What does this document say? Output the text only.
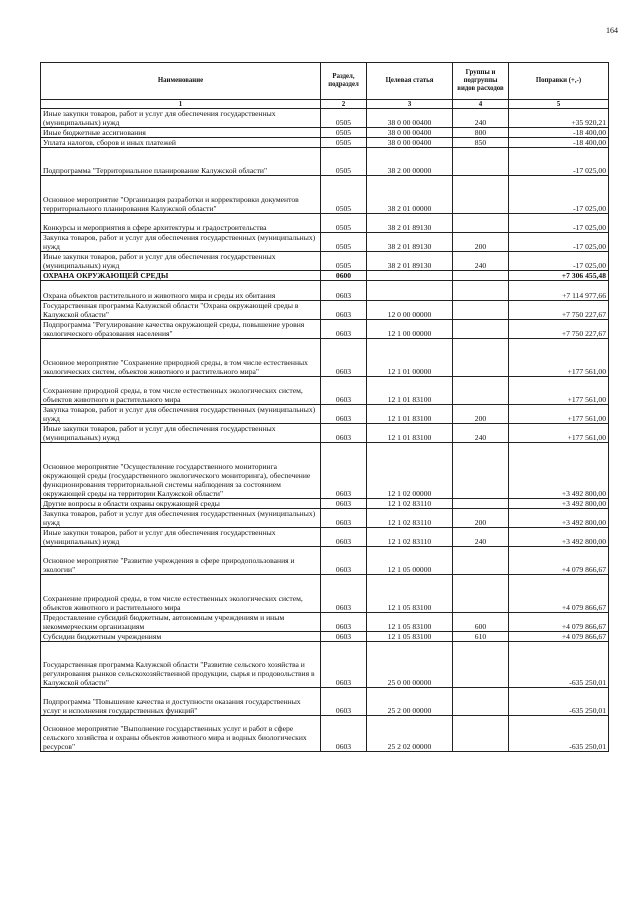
164
Наименование	Раздел, подраздел	Целевая статья	Группы и подгруппы видов расходов	Поправки (+,-)
1	2	3	4	5
Иные закупки товаров, работ и услуг для обеспечения государственных (муниципальных) нужд	0505	38 0 00 00400	240	+35 920,21
Иные бюджетные ассигнования	0505	38 0 00 00400	800	-18 400,00
Уплата налогов, сборов и иных платежей	0505	38 0 00 00400	850	-18 400,00
Подпрограмма "Территориальное планирование Калужской области"	0505	38 2 00 00000		-17 025,00
Основное мероприятие "Организация разработки и корректировки документов территориального планирования Калужской области"	0505	38 2 01 00000		-17 025,00
Конкурсы и мероприятия в сфере архитектуры и градостроительства	0505	38 2 01 89130		-17 025,00
Закупка товаров, работ и услуг для обеспечения государственных (муниципальных) нужд	0505	38 2 01 89130	200	-17 025,00
Иные закупки товаров, работ и услуг для обеспечения государственных (муниципальных) нужд	0505	38 2 01 89130	240	-17 025,00
ОХРАНА ОКРУЖАЮЩЕЙ СРЕДЫ	0600			+7 306 455,48
Охрана объектов растительного и животного мира и среды их обитания	0603			+7 114 977,66
Государственная программа Калужской области "Охрана окружающей среды в Калужской области"	0603	12 0 00 00000		+7 750 227,67
Подпрограмма "Регулирование качества окружающей среды, повышение уровня экологического образования населения"	0603	12 1 00 00000		+7 750 227,67
Основное мероприятие "Сохранение природной среды, в том числе естественных экологических систем, объектов животного и растительного мира"	0603	12 1 01 00000		+177 561,00
Сохранение природной среды, в том числе естественных экологических систем, объектов животного и растительного мира	0603	12 1 01 83100		+177 561,00
Закупка товаров, работ и услуг для обеспечения государственных (муниципальных) нужд	0603	12 1 01 83100	200	+177 561,00
Иные закупки товаров, работ и услуг для обеспечения государственных (муниципальных) нужд	0603	12 1 01 83100	240	+177 561,00
Основное мероприятие "Осуществление государственного мониторинга окружающей среды (государственного экологического мониторинга), обеспечение функционирования территориальной системы наблюдения за состоянием окружающей среды на территории Калужской области"	0603	12 1 02 00000		+3 492 800,00
Другие вопросы в области охраны окружающей среды	0603	12 1 02 83110		+3 492 800,00
Закупка товаров, работ и услуг для обеспечения государственных (муниципальных) нужд	0603	12 1 02 83110	200	+3 492 800,00
Иные закупки товаров, работ и услуг для обеспечения государственных (муниципальных) нужд	0603	12 1 02 83110	240	+3 492 800,00
Основное мероприятие "Развитие учреждения в сфере природопользования и экологии"	0603	12 1 05 00000		+4 079 866,67
Сохранение природной среды, в том числе естественных экологических систем, объектов животного и растительного мира	0603	12 1 05 83100		+4 079 866,67
Предоставление субсидий бюджетным, автономным учреждениям и иным некоммерческим организациям	0603	12 1 05 83100	600	+4 079 866,67
Субсидии бюджетным учреждениям	0603	12 1 05 83100	610	+4 079 866,67
Государственная программа Калужской области "Развитие сельского хозяйства и регулирования рынков сельскохозяйственной продукции, сырья и продовольствия в Калужской области"	0603	25 0 00 00000		-635 250,01
Подпрограмма "Повышение качества и доступности оказания государственных услуг и исполнения государственных функций"	0603	25 2 00 00000		-635 250,01
Основное мероприятие "Выполнение государственных услуг и работ в сфере сельского хозяйства и охраны объектов животного мира и водных биологических ресурсов"	0603	25 2 02 00000		-635 250,01
